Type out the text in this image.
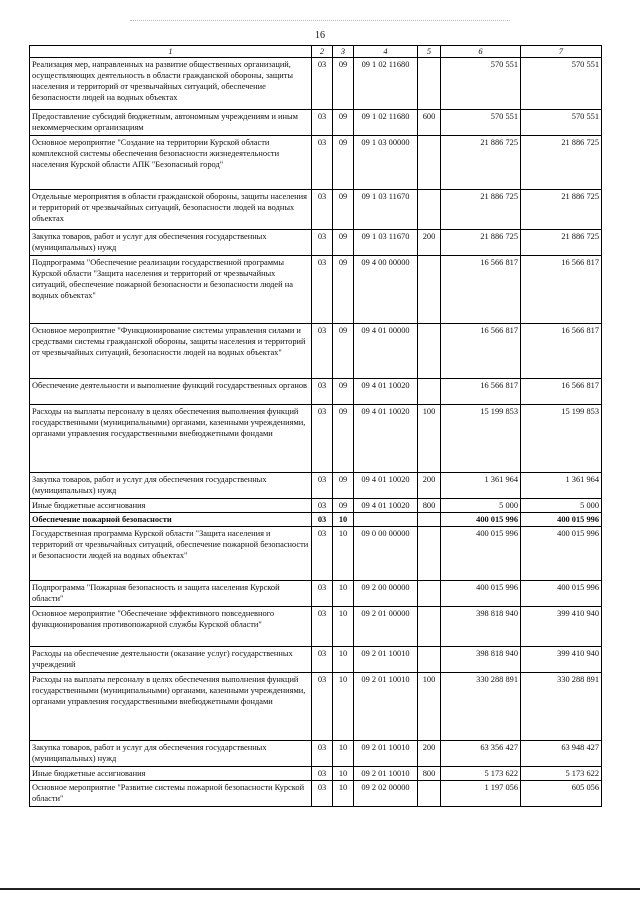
16
1	2	3	4	5	6	7
Реализация мер, направленных на развитие общественных организаций, осуществляющих деятельность в области гражданской обороны, защиты населения и территорий от чрезвычайных ситуаций, обеспечение безопасности людей на водных объектах	03	09	09 1 02 11680		570 551	570 551
Предоставление субсидий бюджетным, автономным учреждениям и иным некоммерческим организациям	03	09	09 1 02 11680	600	570 551	570 551
Основное мероприятие "Создание на территории Курской области комплексной системы обеспечения безопасности жизнедеятельности населения Курской области АПК "Безопасный город"	03	09	09 1 03 00000		21 886 725	21 886 725
Отдельные мероприятия в области гражданской обороны, защиты населения и территорий от чрезвычайных ситуаций, безопасности людей на водных объектах	03	09	09 1 03 11670		21 886 725	21 886 725
Закупка товаров, работ и услуг для обеспечения государственных (муниципальных) нужд	03	09	09 1 03 11670	200	21 886 725	21 886 725
Подпрограмма "Обеспечение реализации государственной программы Курской области "Защита населения и территорий от чрезвычайных ситуаций, обеспечение пожарной безопасности и безопасности людей на водных объектах"	03	09	09 4 00 00000		16 566 817	16 566 817
Основное мероприятие "Функционирование системы управления силами и средствами системы гражданской обороны, защиты населения и территорий от чрезвычайных ситуаций, безопасности людей на водных объектах"	03	09	09 4 01 00000		16 566 817	16 566 817
Обеспечение деятельности и выполнение функций государственных органов	03	09	09 4 01 10020		16 566 817	16 566 817
Расходы на выплаты персоналу в целях обеспечения выполнения функций государственными (муниципальными) органами, казенными учреждениями, органами управления государственными внебюджетными фондами	03	09	09 4 01 10020	100	15 199 853	15 199 853
Закупка товаров, работ и услуг для обеспечения государственных (муниципальных) нужд	03	09	09 4 01 10020	200	1 361 964	1 361 964
Иные бюджетные ассигнования	03	09	09 4 01 10020	800	5 000	5 000
Обеспечение пожарной безопасности	03	10			400 015 996	400 015 996
Государственная программа Курской области "Защита населения и территорий от чрезвычайных ситуаций, обеспечение пожарной безопасности и безопасности людей на водных объектах"	03	10	09 0 00 00000		400 015 996	400 015 996
Подпрограмма "Пожарная безопасность и защита населения Курской области"	03	10	09 2 00 00000		400 015 996	400 015 996
Основное мероприятие "Обеспечение эффективного повседневного функционирования противопожарной службы Курской области"	03	10	09 2 01 00000		398 818 940	399 410 940
Расходы на обеспечение деятельности (оказание услуг) государственных учреждений	03	10	09 2 01 10010		398 818 940	399 410 940
Расходы на выплаты персоналу в целях обеспечения выполнения функций государственными (муниципальными) органами, казенными учреждениями, органами управления государственными внебюджетными фондами	03	10	09 2 01 10010	100	330 288 891	330 288 891
Закупка товаров, работ и услуг для обеспечения государственных (муниципальных) нужд	03	10	09 2 01 10010	200	63 356 427	63 948 427
Иные бюджетные ассигнования	03	10	09 2 01 10010	800	5 173 622	5 173 622
Основное мероприятие "Развитие системы пожарной безопасности Курской области"	03	10	09 2 02 00000		1 197 056	605 056
